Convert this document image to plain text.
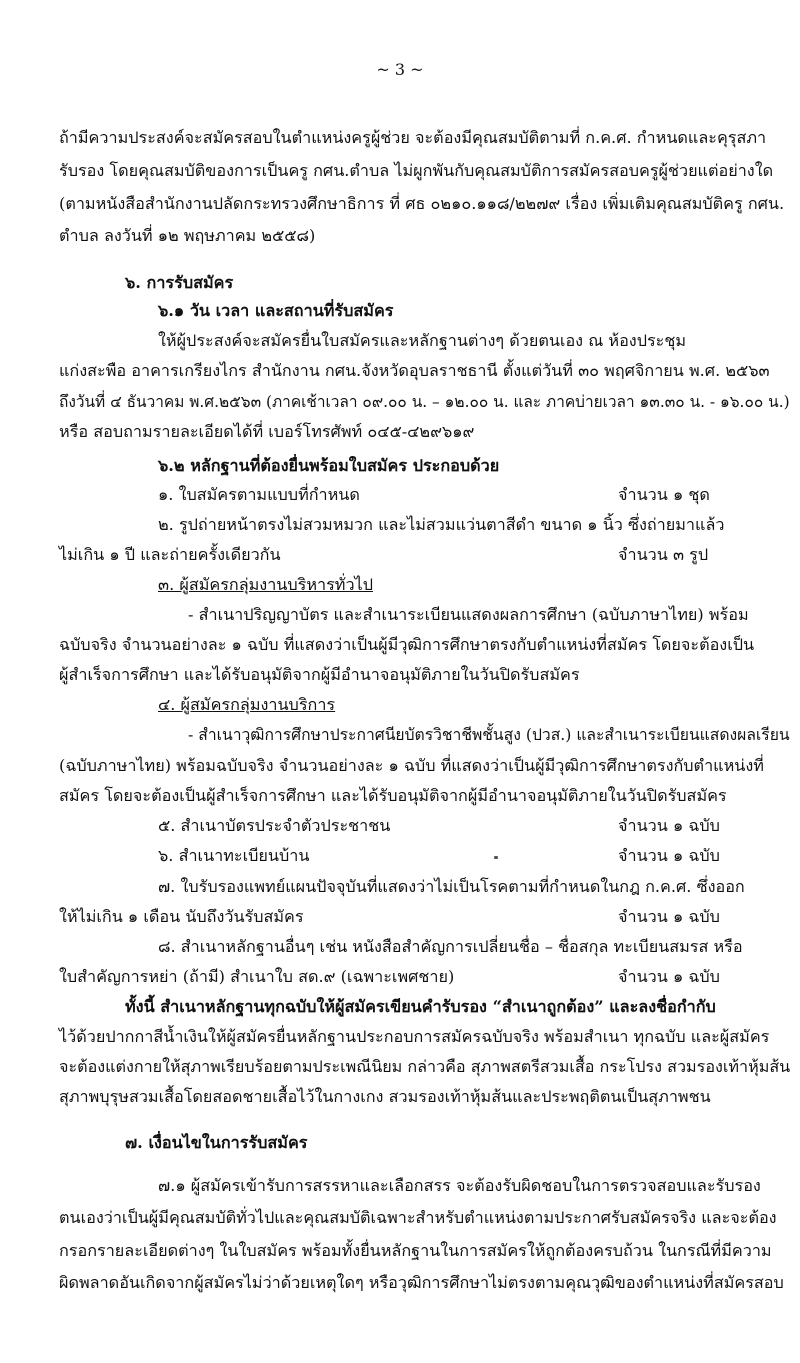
~ 3 ~
ถ้ามีความประสงค์จะสมัครสอบในตำแหน่งครูผู้ช่วย จะต้องมีคุณสมบัติตามที่ ก.ค.ศ. กำหนดและคุรุสภา
รับรอง โดยคุณสมบัติของการเป็นครู กศน.ตำบล ไม่ผูกพันกับคุณสมบัติการสมัครสอบครูผู้ช่วยแต่อย่างใด
(ตามหนังสือสำนักงานปลัดกระทรวงศึกษาธิการ ที่ ศธ ๐๒๑๐.๑๑๘/๒๒๗๙ เรื่อง เพิ่มเติมคุณสมบัติครู กศน.
ตำบล ลงวันที่ ๑๒ พฤษภาคม ๒๕๕๘)
๖. การรับสมัคร
๖.๑ วัน เวลา และสถานที่รับสมัคร
ให้ผู้ประสงค์จะสมัครยื่นใบสมัครและหลักฐานต่างๆ ด้วยตนเอง ณ ห้องประชุม
แก่งสะพือ อาคารเกรียงไกร สำนักงาน กศน.จังหวัดอุบลราชธานี ตั้งแต่วันที่ ๓๐ พฤศจิกายน พ.ศ. ๒๕๖๓
ถึงวันที่ ๔ ธันวาคม พ.ศ.๒๕๖๓ (ภาคเช้าเวลา ๐๙.๐๐ น. – ๑๒.๐๐ น. และ ภาคบ่ายเวลา ๑๓.๓๐ น. - ๑๖.๐๐ น.)
หรือ สอบถามรายละเอียดได้ที่ เบอร์โทรศัพท์ ๐๔๕-๔๒๙๖๑๙
๖.๒ หลักฐานที่ต้องยื่นพร้อมใบสมัคร ประกอบด้วย
๑. ใบสมัครตามแบบที่กำหนด	จำนวน ๑ ชุด
๒. รูปถ่ายหน้าตรงไม่สวมหมวก และไม่สวมแว่นตาสีดำ ขนาด ๑ นิ้ว ซึ่งถ่ายมาแล้ว
ไม่เกิน ๑ ปี และถ่ายครั้งเดียวกัน	จำนวน ๓ รูป
๓. ผู้สมัครกลุ่มงานบริหารทั่วไป
- สำเนาปริญญาบัตร และสำเนาระเบียนแสดงผลการศึกษา (ฉบับภาษาไทย) พร้อม
ฉบับจริง จำนวนอย่างละ ๑ ฉบับ ที่แสดงว่าเป็นผู้มีวุฒิการศึกษาตรงกับตำแหน่งที่สมัคร โดยจะต้องเป็น
ผู้สำเร็จการศึกษา และได้รับอนุมัติจากผู้มีอำนาจอนุมัติภายในวันปิดรับสมัคร
๔. ผู้สมัครกลุ่มงานบริการ
- สำเนาวุฒิการศึกษาประกาศนียบัตรวิชาชีพชั้นสูง (ปวส.) และสำเนาระเบียนแสดงผลเรียน
(ฉบับภาษาไทย) พร้อมฉบับจริง จำนวนอย่างละ ๑ ฉบับ ที่แสดงว่าเป็นผู้มีวุฒิการศึกษาตรงกับตำแหน่งที่
สมัคร โดยจะต้องเป็นผู้สำเร็จการศึกษา และได้รับอนุมัติจากผู้มีอำนาจอนุมัติภายในวันปิดรับสมัคร
๕. สำเนาบัตรประจำตัวประชาชน	จำนวน ๑ ฉบับ
๖. สำเนาทะเบียนบ้าน	จำนวน ๑ ฉบับ
๗. ใบรับรองแพทย์แผนปัจจุบันที่แสดงว่าไม่เป็นโรคตามที่กำหนดในกฎ ก.ค.ศ. ซึ่งออก
ให้ไม่เกิน ๑ เดือน นับถึงวันรับสมัคร	จำนวน ๑ ฉบับ
๘. สำเนาหลักฐานอื่นๆ เช่น หนังสือสำคัญการเปลี่ยนชื่อ – ชื่อสกุล ทะเบียนสมรส หรือ
ใบสำคัญการหย่า (ถ้ามี) สำเนาใบ สด.๙ (เฉพาะเพศชาย)	จำนวน ๑ ฉบับ
ทั้งนี้ สำเนาหลักฐานทุกฉบับให้ผู้สมัครเขียนคำรับรอง “สำเนาถูกต้อง” และลงชื่อกำกับ
ไว้ด้วยปากกาสีน้ำเงินให้ผู้สมัครยื่นหลักฐานประกอบการสมัครฉบับจริง พร้อมสำเนา ทุกฉบับ และผู้สมัคร
จะต้องแต่งกายให้สุภาพเรียบร้อยตามประเพณีนิยม กล่าวคือ สุภาพสตรีสวมเสื้อ กระโปรง สวมรองเท้าหุ้มส้น
สุภาพบุรุษสวมเสื้อโดยสอดชายเสื้อไว้ในกางเกง สวมรองเท้าหุ้มส้นและประพฤติตนเป็นสุภาพชน
๗. เงื่อนไขในการรับสมัคร
๗.๑ ผู้สมัครเข้ารับการสรรหาและเลือกสรร จะต้องรับผิดชอบในการตรวจสอบและรับรอง
ตนเองว่าเป็นผู้มีคุณสมบัติทั่วไปและคุณสมบัติเฉพาะสำหรับตำแหน่งตามประกาศรับสมัครจริง และจะต้อง
กรอกรายละเอียดต่างๆ ในใบสมัคร พร้อมทั้งยื่นหลักฐานในการสมัครให้ถูกต้องครบถ้วน ในกรณีที่มีความ
ผิดพลาดอันเกิดจากผู้สมัครไม่ว่าด้วยเหตุใดๆ หรือวุฒิการศึกษาไม่ตรงตามคุณวุฒิของตำแหน่งที่สมัครสอบ
